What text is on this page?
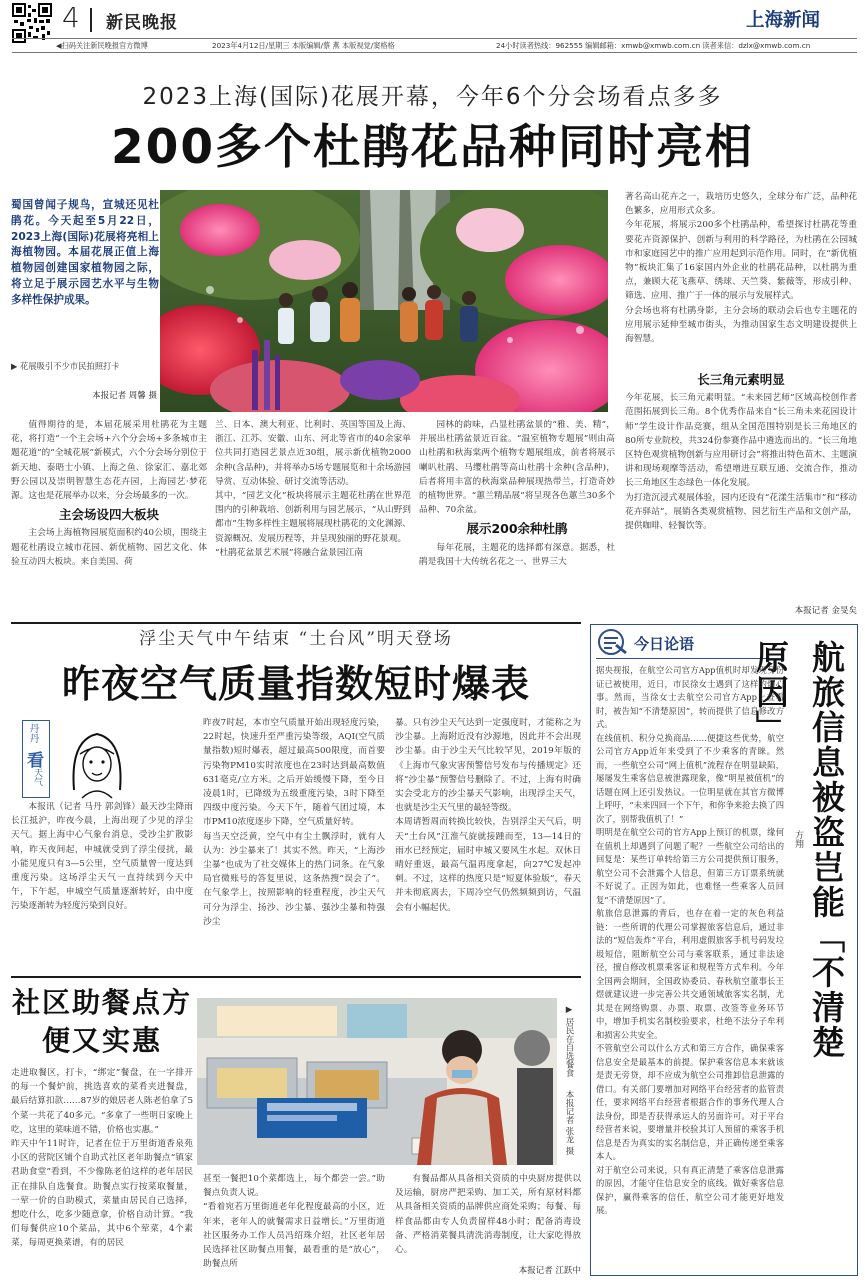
4 新民晚报	上海新闻
◀扫码关注新民晚报官方微博	2023年4月12日/星期三 本版编辑/蔡 燕 本版视觉/窦格格	24小时读者热线：962555 编辑邮箱：xmwb@xmwb.com.cn 读者来信：dzlx@xmwb.com.cn
2023上海(国际)花展开幕，今年6个分会场看点多多
200多个杜鹃花品种同时亮相
蜀国曾闻子规鸟，宣城还见杜鹃花。今天起至5月22日，2023上海(国际)花展将亮相上海植物园。本届花展正值上海植物园创建国家植物园之际，将立足于展示园艺水平与生物多样性保护成果。
▶ 花展吸引不少市民拍照打卡
本报记者 周馨 摄

值得期待的是，本届花展采用杜鹃花为主题花，将打造“一个主会场+六个分会场+多条城市主题花道”的“全城花展”新模式，六个分会场分别位于新天地、泰晤士小镇、上海之鱼、徐家汇、嘉北郊野公园以及崇明智慧生态花卉园，上海园艺·梦花源。这也是花展举办以来，分会场最多的一次。

主会场设四大板块

主会场上海植物园展览面积约40公顷，围绕主题花杜鹃设立城市花园、新优植物、园艺文化、体验互动四大板块。来自美国、荷

兰、日本、澳大利亚、比利时、英国等国及上海、浙江、江苏、安徽、山东、河北等省市的40余家单位共同打造园艺景点近30组，展示新优植物2000余种(含品种)，并将举办5场专题展览和十余场游园导赏、互动体验、研讨交流等活动。
其中，“园艺文化”板块将展示主题花杜鹃在世界范围内的引种栽培、创新利用与园艺展示，“从山野到都市”生物多样性主题展将展现杜鹃花的文化渊源、资源概况、发展历程等，并呈现独丽的野花景观。
“杜鹃花盆景艺术展”将融合盆景园江南

园林的韵味，凸显杜鹃盆景的“雅、美、精”，并展出杜鹃盆景近百盆。“温室植物专题展”则由高山杜鹃和秋海棠两个植物专题展组成，前者将展示喇叭杜鹃、马缨杜鹃等高山杜鹃十余种(含品种)，后者将用丰富的秋海棠品种展现热带兰，打造奇妙的植物世界。“蕙兰精品展”将呈现各色蕙兰30多个品种、70余盆。

展示200余种杜鹃

每年花展，主题花的选择都有深意。据悉，杜鹃是我国十大传统名花之一、世界三大

著名高山花卉之一，栽培历史悠久，全球分布广泛，品种花色繁多，应用形式众多。
今年花展，将展示200多个杜鹃品种，希望探讨杜鹃花等重要花卉资源保护、创新与利用的科学路径，为杜鹃在公园城市和家庭园艺中的推广应用起到示范作用。同时，在“新优植物”板块汇集了16家国内外企业的杜鹃花品种，以杜鹃为重点，兼顾大花飞燕草、绣球、天竺葵、紫薇等，形成引种、筛选、应用、推广于一体的展示与发展样式。
分会场也将有杜鹃身影，主分会场的联动会后也专主题花的应用展示延伸至城市街头，为推动国家生态文明建设提供上海智慧。

长三角元素明显

今年花展，长三角元素明显。“未来园艺师”区域高校创作者范围拓展到长三角。8个优秀作品来自“长三角未来花园设计师”学生设计作品竞赛，组从全国范围特别是长三角地区的80所专业院校，共324份参赛作品中遴选而出的。“长三角地区特色观赏植物创新与应用研讨会”将推出特色苗木、主题演讲和现场观摩等活动，希望增进互联互通、交流合作，推动长三角地区生态绿色一体化发展。
为打造沉浸式观展体验，园内还设有“花漾生活集市”和“移动花卉驿站”，展销各类观赏植物、园艺衍生产品和文创产品，提供咖啡、轻餐饮等。

本报记者 金旻矣
浮尘天气中午结束 “土台风”明天登场
昨夜空气质量指数短时爆表
丹丹
看
天气
本报讯（记者 马丹 郭剑锋）最天沙尘降雨长江抵沪，昨夜今晨，上海出现了少见的浮尘天气。据上海中心气象台消息，受沙尘扩散影响，昨天夜间起，申城就受到了浮尘侵扰，最小能见度只有3—5公里，空气质量曾一度达到重度污染。这场浮尘天气一直持续到今天中午，下午起，申城空气质量逐渐转好，由中度污染逐渐转为轻度污染到良好。
昨夜7时起，本市空气质量开始出现轻度污染，22时起，快速升至严重污染等级，AQI(空气质量指数)短时爆表，超过最高500限度，而首要污染物PM10实时浓度也在23时达到最高数值631毫克/立方米。之后开始缓慢下降，至今日凌晨1时，已降级为五级重度污染，3时下降至四级中度污染。今天下午，随着气团过境，本市PM10浓度逐步下降，空气质量好转。
每当天空泛黄，空气中有尘土飘浮时，就有人认为：沙尘暴来了！其实不然。昨天，“上海沙尘暴”也成为了社交媒体上的热门词条。在气象局官微账号的答复里说，这条热搜“误会了”。在气象学上，按照影响的轻重程度，沙尘天气可分为浮尘、扬沙、沙尘暴、强沙尘暴和特强沙尘
暴。只有沙尘天气达到一定强度时，才能称之为沙尘暴。上海附近没有沙源地，因此并不会出现沙尘暴。由于沙尘天气比较罕见，2019年版的《上海市气象灾害预警信号发布与传播规定》还将“沙尘暴”预警信号删除了。不过，上海有时确实会受北方的沙尘暴天气影响，出现浮尘天气，也就是沙尘天气里的最轻等级。
本周请暂周而转换比较快，告别浮尘天气后，明天“土台风”江淮气旋就接踵而至，13—14日的雨水已经预定，届时申城又要风生水起。双休日晴好重返，最高气温再度拿起，向27℃发起冲刺。不过，这样的热度只是“短夏体验版”，春天并未彻底离去，下周冷空气仍然频频到访，气温会有小幅起伏。
社区助餐点方便又实惠	▶ 居民在自选餐食
本报记者 张龙 摄
走进取餐区，打卡，“绑定”餐盘，在一字排开的每一个餐炉前，挑选喜欢的菜肴夹进餐盘，最后结算扣款……87岁的娘居老人陈老伯拿了5个菜一共花了40多元。“多拿了一些明日家晚上吃，这里的菜味道不错，价格也实惠。”
昨天中午11时许，记者在位于万里街道香泉苑小区的营院区铺个自助式社区老年助餐点“镇家君助食堂”看到，不少像陈老伯这样的老年居民正在排队自选餐食。助餐点实行按菜取餐量，一荤一价的自助模式，菜量由居民自己选择，想吃什么，吃多少随意拿，价格自动计算。“我们每餐供应10个菜品，其中6个荤菜，4个素菜，每周更换菜谱，有的居民
甚至一餐把10个菜都选上，每个都尝一尝。”助餐点负责人说。
“看着宛若万里街道老年化程度最高的小区，近年来，老年人的就餐需求日益增长。”万里街道社区服务办工作人员冯绍珠介绍，社区老年居民选择社区助餐点用餐，最看重的是“放心”，助餐点所
有餐品都从具备相关资质的中央厨房提供以及运输，厨房严把采购、加工关，所有原材料都从具备相关资质的品牌供应商处采购；每餐、每样食品都由专人负责留样48小时；配备消毒设备、严格消菜餐具清洗消毒制度，让大家吃得放心。
本报记者 江跃中
今日论语	航旅信息被盗岂能「不清楚原因」
方翔
据央视报，在航空公司官方App值机时却发现身份证已被使用，近日，市民徐女士遇到了这样的烦心事。然而，当徐女士去航空公司官方App上查看时，被告知“不清楚原因”，转而提供了信息修改方式。
在线值机、积分兑换商品……便捷这些优势，航空公司官方App近年来受到了不少乘客的青睐。然而，一些航空公司“网上值机”流程存在明显缺陷，屡屡发生乘客信息被泄露现象，像“明星被值机”的话题在网上还引发热议。一位明星就在其官方微博上呼吁，“未来四回一个下午，和你争来抢去换了四次了，别帮我值机了！”
明明是在航空公司的官方App上预订的机票，缘何在值机上却遇到了问题了呢？一些航空公司给出的回复是：某些订单转给第三方公司提供预订服务，航空公司不会泄露个人信息，但第三方订票系统就不好说了。正因为如此，也难怪一些乘客人员回复“不清楚原因”了。
航旅信息泄露的背后，也存在着一定的灰色利益链：一些所谓的代理公司掌握旅客信息后，通过非法的“短信轰炸”平台，利用虚假旅客手机号码发垃圾短信，阻断航空公司与乘客联系，通过非法途径，擅自修改机票乘客证和规程等方式牟利。今年全国两会期间，全国政协委员、春秋航空董事长王煜就建议进一步完善公共交通领域旅客实名制，尤其是在网络购票、办票、取票、改签等业务环节中，增加手机实名制校验要求，杜绝不法分子牟利和损害公共安全。
不管航空公司以什么方式和第三方合作，确保乘客信息安全是最基本的前提。保护乘客信息本来就该是责无旁贷，却不应成为航空公司推卸信息泄露的借口。有关部门要增加对网络平台经营者的监管责任，要求网络平台经营者根据合作的事务代理人合法身份，即是否获得承运人的另面许可。对于平台经营者来说，要增量并校验其订人预留的乘客手机信息是否为真实的实名制信息，并正确传递至乘客本人。
对于航空公司来说，只有真正清楚了乘客信息泄露的原因，才能守住信息安全的底线。做好乘客信息保护，赢得乘客的信任，航空公司才能更好地发展。
